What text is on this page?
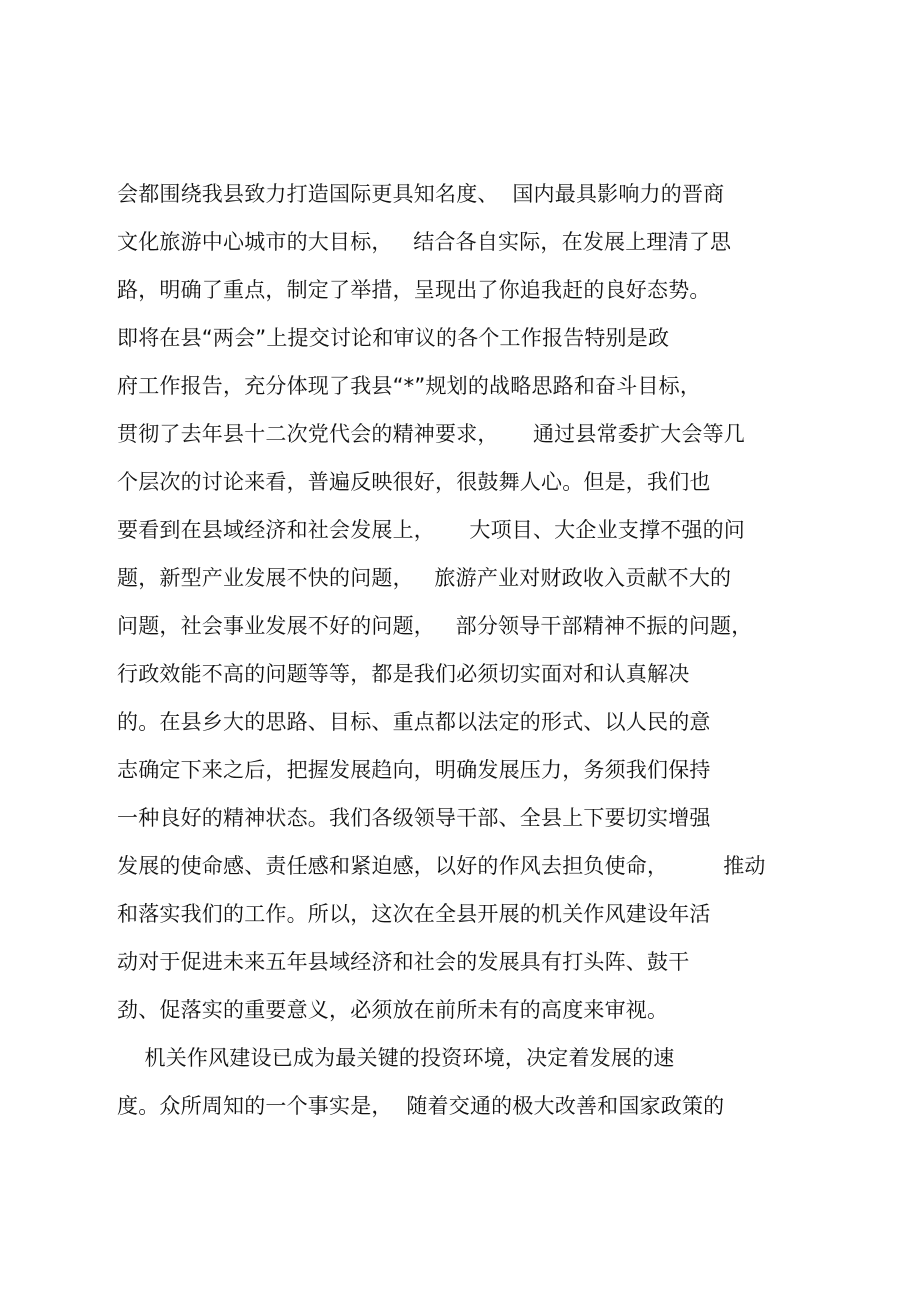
会都围绕我县致力打造国际更具知名度、  国内最具影响力的晋商
文化旅游中心城市的大目标，   结合各自实际，在发展上理清了思
路，明确了重点，制定了举措，呈现出了你追我赶的良好态势。
即将在县“两会”上提交讨论和审议的各个工作报告特别是政
府工作报告，充分体现了我县“*”规划的战略思路和奋斗目标，
贯彻了去年县十二次党代会的精神要求，     通过县常委扩大会等几
个层次的讨论来看，普遍反映很好，很鼓舞人心。但是，我们也
要看到在县域经济和社会发展上，     大项目、大企业支撑不强的问
题，新型产业发展不快的问题，   旅游产业对财政收入贡献不大的
问题，社会事业发展不好的问题，   部分领导干部精神不振的问题，
行政效能不高的问题等等，都是我们必须切实面对和认真解决
的。在县乡大的思路、目标、重点都以法定的形式、以人民的意
志确定下来之后，把握发展趋向，明确发展压力，务须我们保持
一种良好的精神状态。我们各级领导干部、全县上下要切实增强
发展的使命感、责任感和紧迫感，以好的作风去担负使命，        推动
和落实我们的工作。所以，这次在全县开展的机关作风建设年活
动对于促进未来五年县域经济和社会的发展具有打头阵、鼓干
劲、促落实的重要意义，必须放在前所未有的高度来审视。
机关作风建设已成为最关键的投资环境，决定着发展的速
度。众所周知的一个事实是，  随着交通的极大改善和国家政策的
